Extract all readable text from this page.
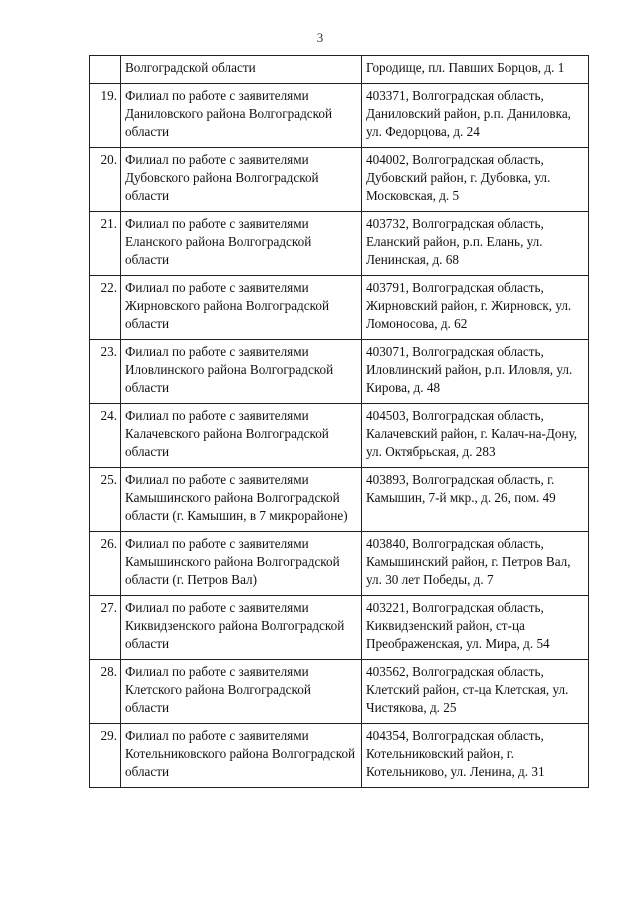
3
	Волгоградской области	Городище, пл. Павших Борцов, д. 1
19.	Филиал по работе с заявителями Даниловского района Волгоградской области	403371, Волгоградская область, Даниловский район, р.п. Даниловка, ул. Федорцова, д. 24
20.	Филиал по работе с заявителями Дубовского района Волгоградской области	404002, Волгоградская область, Дубовский район, г. Дубовка, ул. Московская, д. 5
21.	Филиал по работе с заявителями Еланского района Волгоградской области	403732, Волгоградская область, Еланский район, р.п. Елань, ул. Ленинская, д. 68
22.	Филиал по работе с заявителями Жирновского района Волгоградской области	403791, Волгоградская область, Жирновский район, г. Жирновск, ул. Ломоносова, д. 62
23.	Филиал по работе с заявителями Иловлинского района Волгоградской области	403071, Волгоградская область, Иловлинский район, р.п. Иловля, ул. Кирова, д. 48
24.	Филиал по работе с заявителями Калачевского района Волгоградской области	404503, Волгоградская область, Калачевский район, г. Калач-на-Дону, ул. Октябрьская, д. 283
25.	Филиал по работе с заявителями Камышинского района Волгоградской области (г. Камышин, в 7 микрорайоне)	403893, Волгоградская область, г. Камышин, 7-й мкр., д. 26, пом. 49
26.	Филиал по работе с заявителями Камышинского района Волгоградской области (г. Петров Вал)	403840, Волгоградская область, Камышинский район, г. Петров Вал, ул. 30 лет Победы, д. 7
27.	Филиал по работе с заявителями Киквидзенского района Волгоградской области	403221, Волгоградская область, Киквидзенский район, ст-ца Преображенская, ул. Мира, д. 54
28.	Филиал по работе с заявителями Клетского района Волгоградской области	403562, Волгоградская область, Клетский район, ст-ца Клетская, ул. Чистякова, д. 25
29.	Филиал по работе с заявителями Котельниковского района Волгоградской области	404354, Волгоградская область, Котельниковский район, г. Котельниково, ул. Ленина, д. 31
